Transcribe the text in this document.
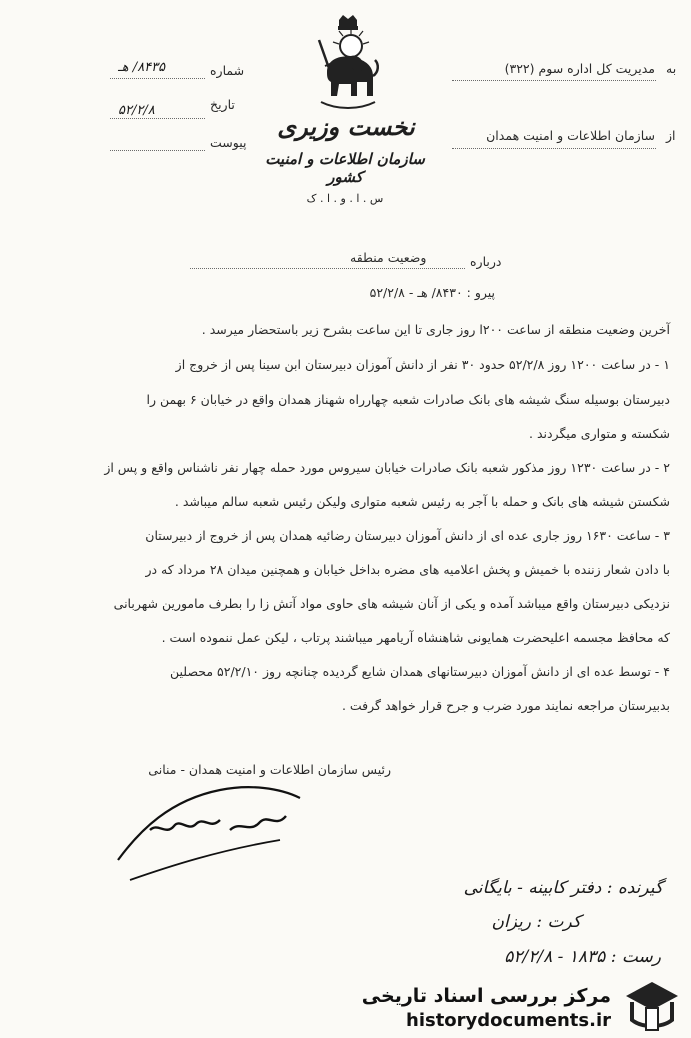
شماره
۸۴۳۵/ هـ
تاریخ
۵۲/۲/۸
پیوست
نخست وزیری
سازمان اطلاعات و امنیت کشور
س . ا . و . ا . ک
به
مدیریت کل اداره سوم (۳۲۲)
از
سازمان اطلاعات و امنیت همدان
درباره
وضعیت منطقه
پیرو : ۸۴۳۰/ هـ - ۵۲/۲/۸
آخرین وضعیت منطقه از ساعت ۲۰۰ا روز جاری تا این ساعت بشرح زیر باستحضار میرسد .
۱ - در ساعت ۱۲۰۰ روز ۵۲/۲/۸ حدود ۳۰ نفر از دانش آموزان دبیرستان ابن سینا پس از خروج از
دبیرستان بوسیله سنگ شیشه های بانک صادرات شعبه چهارراه شهناز همدان واقع در خیابان ۶ بهمن را
شکسته و متواری میگردند .
۲ - در ساعت ۱۲۳۰ روز مذکور شعبه بانک صادرات خیابان سیروس مورد حمله چهار نفر ناشناس واقع و پس از
شکستن شیشه های بانک و حمله با آجر به رئیس شعبه متواری ولیکن رئیس شعبه سالم میباشد .
۳ - ساعت ۱۶۳۰ روز جاری عده ای از دانش آموزان دبیرستان رضائیه همدان پس از خروج از دبیرستان
با دادن شعار زننده با خمیش و پخش اعلامیه های مضره بداخل خیابان و همچنین میدان ۲۸ مرداد که در
نزدیکی دبیرستان واقع میباشد آمده و یکی از آنان شیشه های حاوی مواد آتش زا را بطرف مامورین شهربانی
که محافظ مجسمه اعلیحضرت همایونی شاهنشاه آریامهر میباشند پرتاب ، لیکن عمل ننموده است .
۴ - توسط عده ای از دانش آموزان دبیرستانهای همدان شایع گردیده چنانچه روز ۵۲/۲/۱۰ محصلین
بدبیرستان مراجعه نمایند مورد ضرب و جرح قرار خواهد گرفت .
رئیس سازمان اطلاعات و امنیت همدان - منانی
گیرنده : دفتر کابینه - بایگانی
کرت : ریزان
رست : ۱۸۳۵ - ۵۲/۲/۸
مرکز بررسی اسناد تاریخی
historydocuments.ir
